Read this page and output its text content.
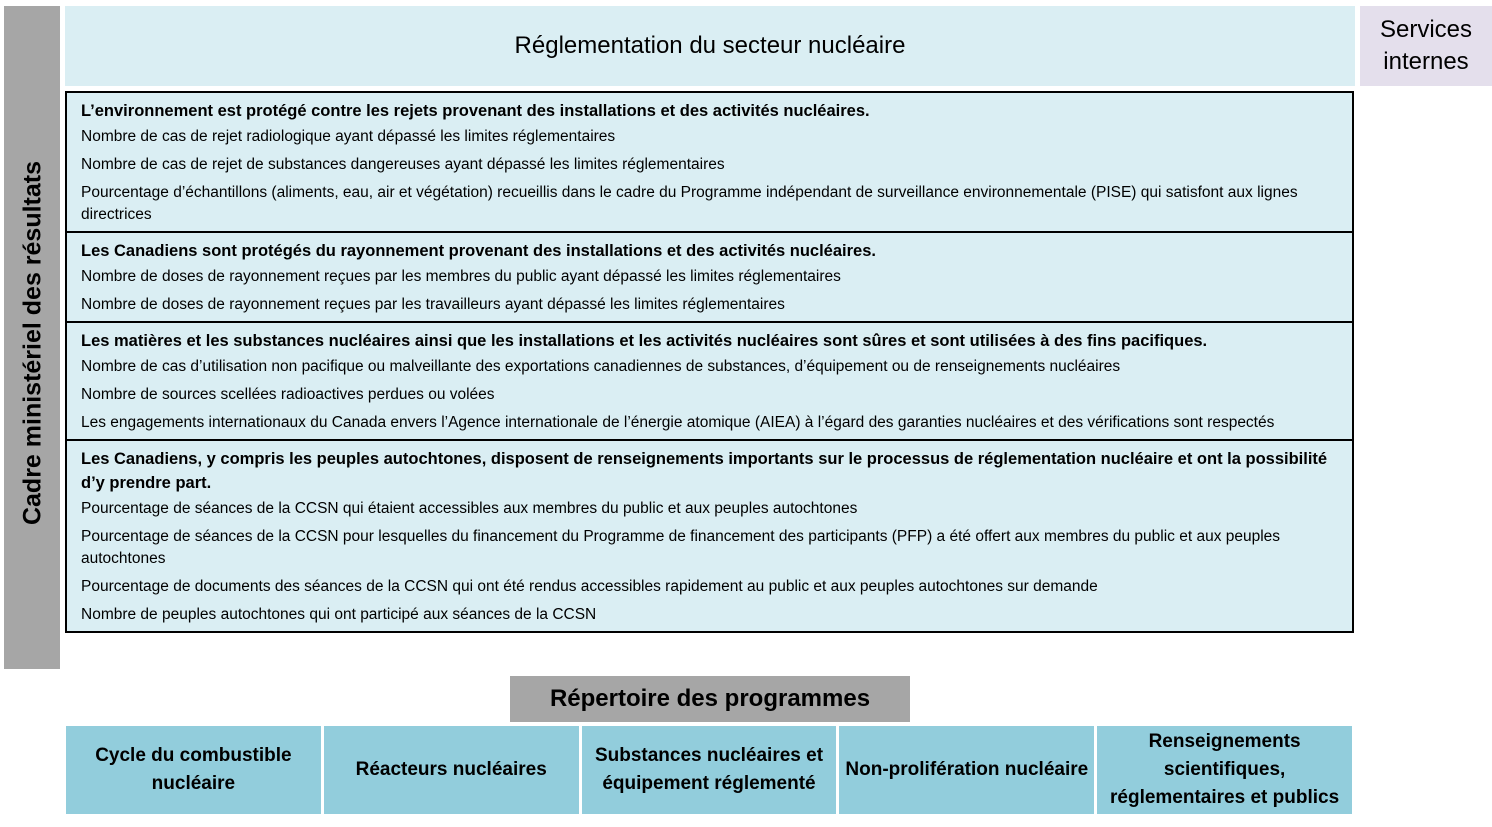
Cadre ministériel des résultats
Réglementation du secteur nucléaire
Services internes
L’environnement est protégé contre les rejets provenant des installations et des activités nucléaires.
Nombre de cas de rejet radiologique ayant dépassé les limites réglementaires
Nombre de cas de rejet de substances dangereuses ayant dépassé les limites réglementaires
Pourcentage d’échantillons (aliments, eau, air et végétation) recueillis dans le cadre du Programme indépendant de surveillance environnementale (PISE) qui satisfont aux lignes directrices
Les Canadiens sont protégés du rayonnement provenant des installations et des activités nucléaires.
Nombre de doses de rayonnement reçues par les membres du public ayant dépassé les limites réglementaires
Nombre de doses de rayonnement reçues par les travailleurs ayant dépassé les limites réglementaires
Les matières et les substances nucléaires ainsi que les installations et les activités nucléaires sont sûres et sont utilisées à des fins pacifiques.
Nombre de cas d’utilisation non pacifique ou malveillante des exportations canadiennes de substances, d’équipement ou de renseignements nucléaires
Nombre de sources scellées radioactives perdues ou volées
Les engagements internationaux du Canada envers l’Agence internationale de l’énergie atomique (AIEA) à l’égard des garanties nucléaires et des vérifications sont respectés
Les Canadiens, y compris les peuples autochtones, disposent de renseignements importants sur le processus de réglementation nucléaire et ont la possibilité d’y prendre part.
Pourcentage de séances de la CCSN qui étaient accessibles aux membres du public et aux peuples autochtones
Pourcentage de séances de la CCSN pour lesquelles du financement du Programme de financement des participants (PFP) a été offert aux membres du public et aux peuples autochtones
Pourcentage de documents des séances de la CCSN qui ont été rendus accessibles rapidement au public et aux peuples autochtones sur demande
Nombre de peuples autochtones qui ont participé aux séances de la CCSN
Répertoire des programmes
Cycle du combustible nucléaire
Réacteurs nucléaires
Substances nucléaires et équipement réglementé
Non-prolifération nucléaire
Renseignements scientifiques, réglementaires et publics
